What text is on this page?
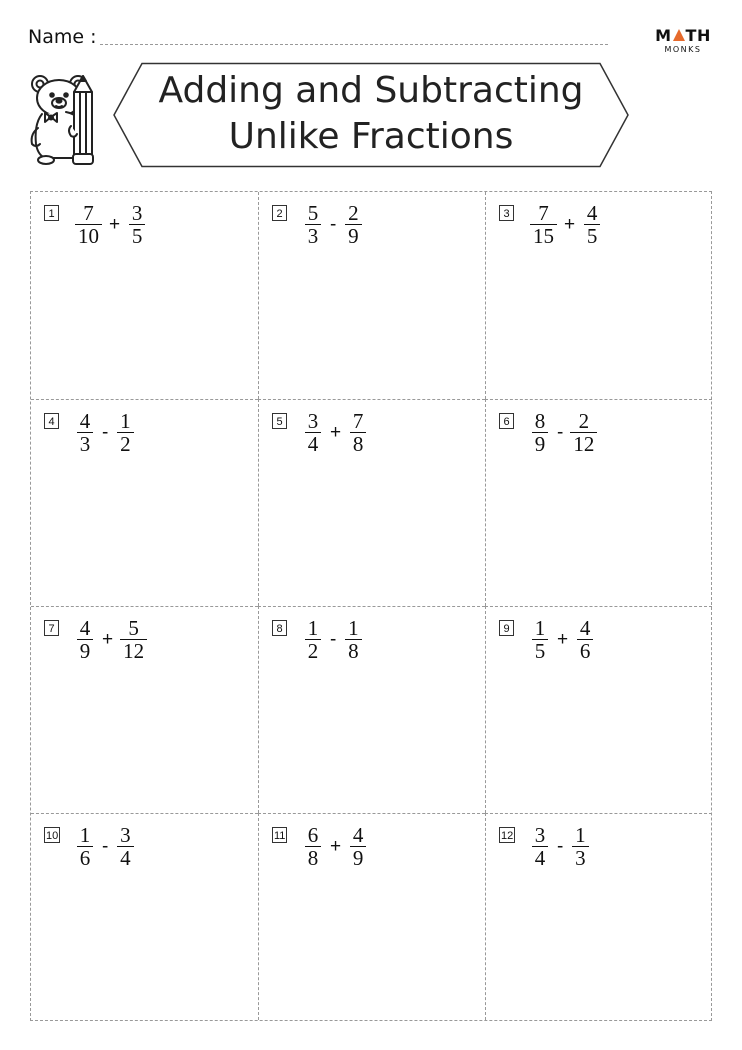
Name :	M TH
MONKS
Adding and Subtracting
Unlike Fractions
$1 \frac{7}{10} + \frac{3}{5}$	$2 \frac{5}{3} - \frac{2}{9}$	$3 \frac{7}{15} + \frac{4}{5}$
$4 \frac{4}{3} - \frac{1}{2}$	$5 \frac{3}{4} + \frac{7}{8}$	$6 \frac{8}{9} - \frac{2}{12}$
$7 \frac{4}{9} + \frac{5}{12}$	$8 \frac{1}{2} - \frac{1}{8}$	$9 \frac{1}{5} + \frac{4}{6}$
$10 \frac{1}{6} - \frac{3}{4}$	$11 \frac{6}{8} + \frac{4}{9}$	$12 \frac{3}{4} - \frac{1}{3}$
